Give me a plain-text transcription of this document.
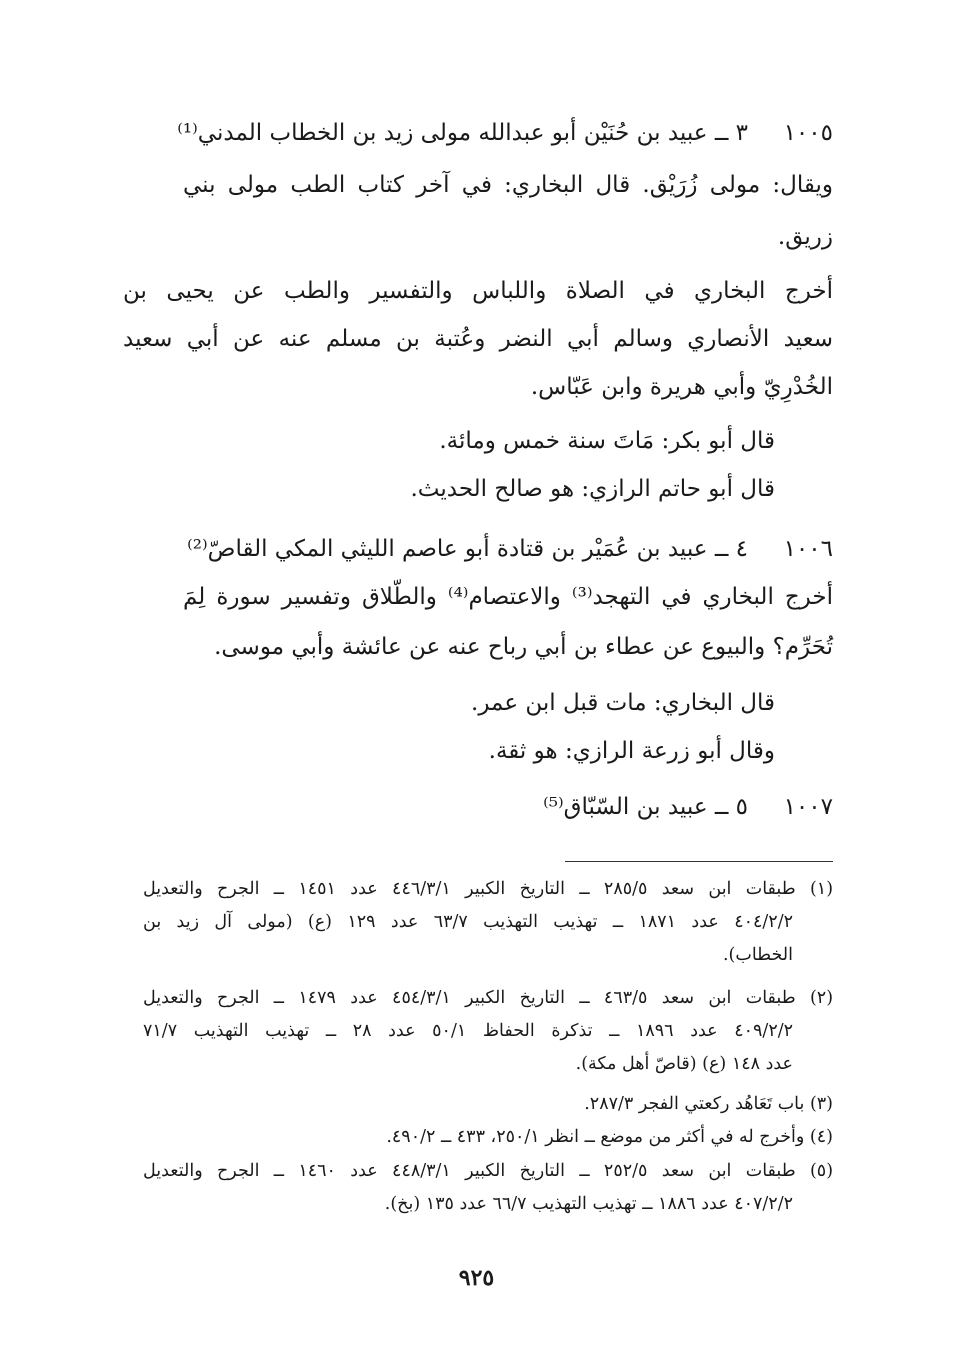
١٠٠٥
٣ ــ عبيد بن حُنَيْن أبو عبدالله مولى زيد بن الخطاب المدني⁽¹⁾
ويقال: مولى زُرَيْق. قال البخاري: في آخر كتاب الطب مولى بني
زريق.
أخرج البخاري في الصلاة واللباس والتفسير والطب عن يحيى بن
سعيد الأنصاري وسالم أبي النضر وعُتبة بن مسلم عنه عن أبي سعيد
الخُدْرِيّ وأبي هريرة وابن عَبّاس.
قال أبو بكر: مَاتَ سنة خمس ومائة.
قال أبو حاتم الرازي: هو صالح الحديث.
١٠٠٦
٤ ــ عبيد بن عُمَيْر بن قتادة أبو عاصم الليثي المكي القاصّ⁽²⁾
أخرج البخاري في التهجد⁽³⁾ والاعتصام⁽⁴⁾ والطّلاق وتفسير سورة لِمَ
تُحَرِّم؟ والبيوع عن عطاء بن أبي رباح عنه عن عائشة وأبي موسى.
قال البخاري: مات قبل ابن عمر.
وقال أبو زرعة الرازي: هو ثقة.
١٠٠٧
٥ ــ عبيد بن السّبّاق⁽⁵⁾
(١) طبقات ابن سعد ٢٨٥/٥ ــ التاريخ الكبير ٤٤٦/٣/١ عدد ١٤٥١ ــ الجرح والتعديل
٤٠٤/٢/٢ عدد ١٨٧١ ــ تهذيب التهذيب ٦٣/٧ عدد ١٢٩ (ع) (مولى آل زيد بن
الخطاب).
(٢) طبقات ابن سعد ٤٦٣/٥ ــ التاريخ الكبير ٤٥٤/٣/١ عدد ١٤٧٩ ــ الجرح والتعديل
٤٠٩/٢/٢ عدد ١٨٩٦ ــ تذكرة الحفاظ ٥٠/١ عدد ٢٨ ــ تهذيب التهذيب ٧١/٧
عدد ١٤٨ (ع) (قاصّ أهل مكة).
(٣) باب تَعَاهُد ركعتي الفجر ٢٨٧/٣.
(٤) وأخرج له في أكثر من موضع ــ انظر ٢٥٠/١، ٤٣٣ ــ ٤٩٠/٢.
(٥) طبقات ابن سعد ٢٥٢/٥ ــ التاريخ الكبير ٤٤٨/٣/١ عدد ١٤٦٠ ــ الجرح والتعديل
٤٠٧/٢/٢ عدد ١٨٨٦ ــ تهذيب التهذيب ٦٦/٧ عدد ١٣٥ (بخ).
٩٢٥
